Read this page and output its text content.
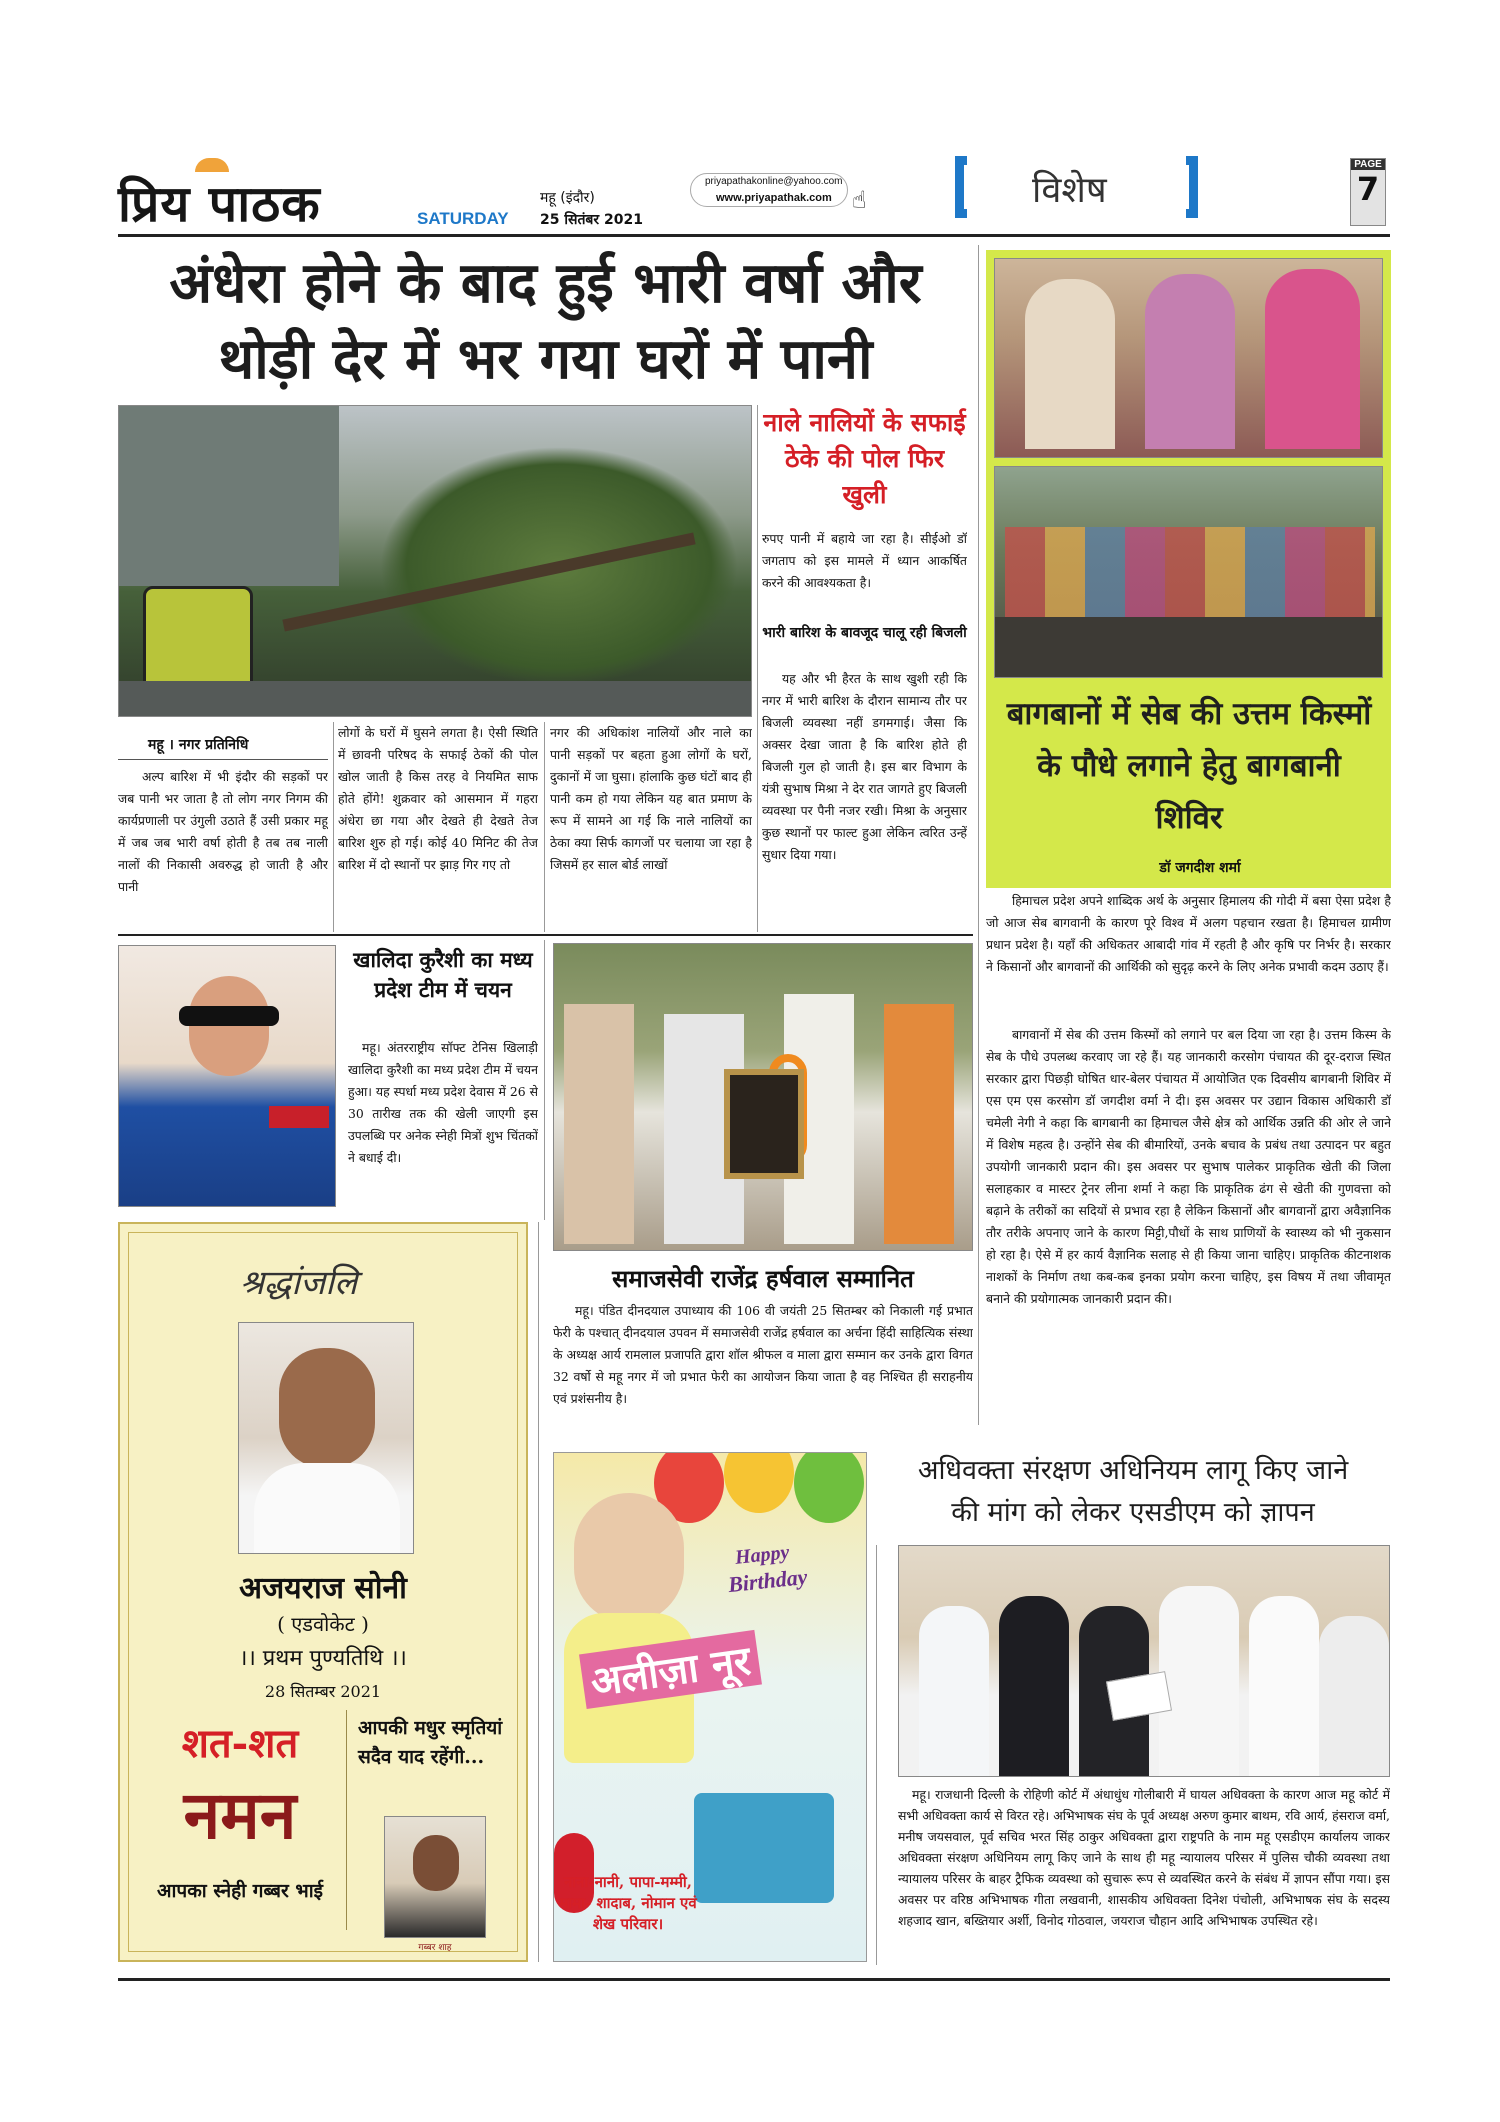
प्रिय पाठक	SATURDAY
महू (इंदौर)
25 सितंबर 2021
priyapathakonline@yahoo.com
www.priyapathak.com ☝	विशेष
PAGE
7
अंधेरा होने के बाद हुई भारी वर्षा और
थोड़ी देर में भर गया घरों में पानी
नाले नालियों के सफाई ठेके की पोल फिर खुली
रुपए पानी में बहाये जा रहा है। सीईओ डॉ जगताप को इस मामले में ध्यान आकर्षित करने की आवश्यकता है।
भारी बारिश के बावजूद चालू रही बिजली
यह और भी हैरत के साथ खुशी रही कि नगर में भारी बारिश के दौरान सामान्य तौर पर बिजली व्यवस्था नहीं डगमगाई। जैसा कि अक्सर देखा जाता है कि बारिश होते ही बिजली गुल हो जाती है। इस बार विभाग के यंत्री सुभाष मिश्रा ने देर रात जागते हुए बिजली व्यवस्था पर पैनी नजर रखी। मिश्रा के अनुसार कुछ स्थानों पर फाल्ट हुआ लेकिन त्वरित उन्हें सुधार दिया गया।
महू । नगर प्रतिनिधि
अल्प बारिश में भी इंदौर की सड़कों पर जब पानी भर जाता है तो लोग नगर निगम की कार्यप्रणाली पर उंगुली उठाते हैं उसी प्रकार महू में जब जब भारी वर्षा होती है तब तब नाली नालों की निकासी अवरुद्ध हो जाती है और पानी
लोगों के घरों में घुसने लगता है। ऐसी स्थिति में छावनी परिषद के सफाई ठेकों की पोल खोल जाती है किस तरह वे नियमित साफ होते होंगे! शुक्रवार को आसमान में गहरा अंधेरा छा गया और देखते ही देखते तेज बारिश शुरु हो गई। कोई 40 मिनिट की तेज बारिश में दो स्थानों पर झाड़ गिर गए तो
नगर की अधिकांश नालियों और नाले का पानी सड़कों पर बहता हुआ लोगों के घरों, दुकानों में जा घुसा। हांलाकि कुछ घंटों बाद ही पानी कम हो गया लेकिन यह बात प्रमाण के रूप में सामने आ गई कि नाले नालियों का ठेका क्या सिर्फ कागजों पर चलाया जा रहा है जिसमें हर साल बोर्ड लाखों
बागबानों में सेब की उत्तम किस्मों के पौधे लगाने हेतु बागबानी शिविर
डॉ जगदीश शर्मा
हिमाचल प्रदेश अपने शाब्दिक अर्थ के अनुसार हिमालय की गोदी में बसा ऐसा प्रदेश है जो आज सेब बागवानी के कारण पूरे विश्व में अलग पहचान रखता है। हिमाचल ग्रामीण प्रधान प्रदेश है। यहाँ की अधिकतर आबादी गांव में रहती है और कृषि पर निर्भर है। सरकार ने किसानों और बागवानों की आर्थिकी को सुदृढ़ करने के लिए अनेक प्रभावी कदम उठाए हैं।
बागवानों में सेब की उत्तम किस्मों को लगाने पर बल दिया जा रहा है। उत्तम किस्म के सेब के पौधे उपलब्ध करवाए जा रहे हैं। यह जानकारी करसोग पंचायत की दूर-दराज स्थित सरकार द्वारा पिछड़ी घोषित धार-बेलर पंचायत में आयोजित एक दिवसीय बागबानी शिविर में एस एम एस करसोग डॉ जगदीश वर्मा ने दी। इस अवसर पर उद्यान विकास अधिकारी डॉ चमेली नेगी ने कहा कि बागबानी का हिमाचल जैसे क्षेत्र को आर्थिक उन्नति की ओर ले जाने में विशेष महत्व है। उन्होंने सेब की बीमारियों, उनके बचाव के प्रबंध तथा उत्पादन पर बहुत उपयोगी जानकारी प्रदान की। इस अवसर पर सुभाष पालेकर प्राकृतिक खेती की जिला सलाहकार व मास्टर ट्रेनर लीना शर्मा ने कहा कि प्राकृतिक ढंग से खेती की गुणवत्ता को बढ़ाने के तरीकों का सदियों से प्रभाव रहा है लेकिन किसानों और बागवानों द्वारा अवैज्ञानिक तौर तरीके अपनाए जाने के कारण मिट्टी,पौधों के साथ प्राणियों के स्वास्थ्य को भी नुकसान हो रहा है। ऐसे में हर कार्य वैज्ञानिक सलाह से ही किया जाना चाहिए। प्राकृतिक कीटनाशक नाशकों के निर्माण तथा कब-कब इनका प्रयोग करना चाहिए, इस विषय में तथा जीवामृत बनाने की प्रयोगात्मक जानकारी प्रदान की।
खालिदा कुरैशी का मध्य प्रदेश टीम में चयन
महू। अंतरराष्ट्रीय सॉफ्ट टेनिस खिलाड़ी खालिदा कुरैशी का मध्य प्रदेश टीम में चयन हुआ। यह स्पर्धा मध्य प्रदेश देवास में 26 से 30 तारीख तक की खेली जाएगी इस उपलब्धि पर अनेक स्नेही मित्रों शुभ चिंतकों ने बधाई दी।
समाजसेवी राजेंद्र हर्षवाल सम्मानित
महू। पंडित दीनदयाल उपाध्याय की 106 वी जयंती 25 सितम्बर को निकाली गई प्रभात फेरी के पश्चात् दीनदयाल उपवन में समाजसेवी राजेंद्र हर्षवाल का अर्चना हिंदी साहित्यिक संस्था के अध्यक्ष आर्य रामलाल प्रजापति द्वारा शॉल श्रीफल व माला द्वारा सम्मान कर उनके द्वारा विगत 32 वर्षो से महू नगर में जो प्रभात फेरी का आयोजन किया जाता है वह निश्चित ही सराहनीय एवं प्रशंसनीय है।
श्रद्धांजलि
अजयराज सोनी
( एडवोकेट )
।। प्रथम पुण्यतिथि ।।
28 सितम्बर 2021
शत-शत
नमन
आपकी मधुर स्मृतियां सदैव याद रहेंगी...
गब्बर शाह
आपका स्नेही गब्बर भाई
Happy
Birthday
अलीज़ा नूर
नाना-नानी, पापा-मम्मी, मामा- शादाब, नोमान एवं शेख परिवार।
अधिवक्ता संरक्षण अधिनियम लागू किए जाने
की मांग को लेकर एसडीएम को ज्ञापन
महू। राजधानी दिल्ली के रोहिणी कोर्ट में अंधाधुंध गोलीबारी में घायल अधिवक्ता के कारण आज महू कोर्ट में सभी अधिवक्ता कार्य से विरत रहे। अभिभाषक संघ के पूर्व अध्यक्ष अरुण कुमार बाथम, रवि आर्य, हंसराज वर्मा, मनीष जयसवाल, पूर्व सचिव भरत सिंह ठाकुर अधिवक्ता द्वारा राष्ट्रपति के नाम महू एसडीएम कार्यालय जाकर अधिवक्ता संरक्षण अधिनियम लागू किए जाने के साथ ही महू न्यायालय परिसर में पुलिस चौकी व्यवस्था तथा न्यायालय परिसर के बाहर ट्रैफिक व्यवस्था को सुचारू रूप से व्यवस्थित करने के संबंध में ज्ञापन सौंपा गया। इस अवसर पर वरिष्ठ अभिभाषक गीता लखवानी, शासकीय अधिवक्ता दिनेश पंचोली, अभिभाषक संघ के सदस्य शहजाद खान, बख्तियार अर्शी, विनोद गोठवाल, जयराज चौहान आदि अभिभाषक उपस्थित रहे।
